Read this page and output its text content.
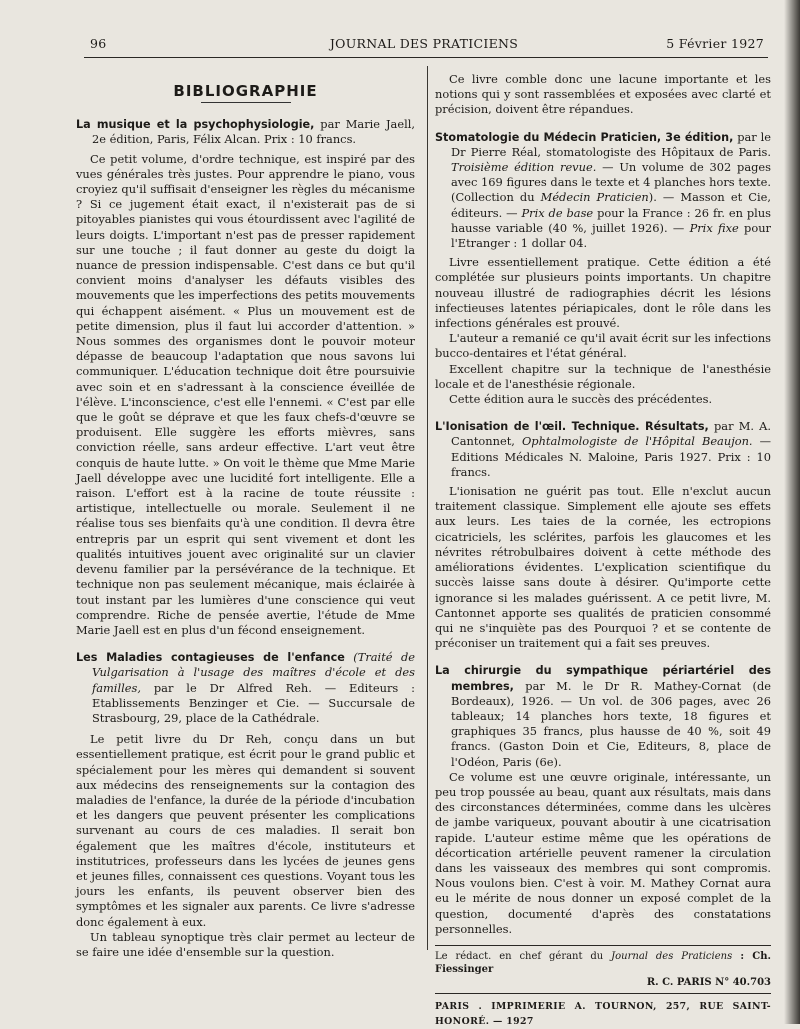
96	JOURNAL DES PRATICIENS	5 Février 1927
BIBLIOGRAPHIE

La musique et la psychophysiologie, par Marie Jaell, 2e édition, Paris, Félix Alcan. Prix : 10 francs.

Ce petit volume, d'ordre technique, est inspiré par des vues générales très justes. Pour apprendre le piano, vous croyiez qu'il suffisait d'enseigner les règles du mécanisme ? Si ce jugement était exact, il n'existerait pas de si pitoyables pianistes qui vous étourdissent avec l'agilité de leurs doigts. L'important n'est pas de presser rapidement sur une touche ; il faut donner au geste du doigt la nuance de pression indispensable. C'est dans ce but qu'il convient moins d'analyser les défauts visibles des mouvements que les imperfections des petits mouvements qui échappent aisément. « Plus un mouvement est de petite dimension, plus il faut lui accorder d'attention. » Nous sommes des organismes dont le pouvoir moteur dépasse de beaucoup l'adaptation que nous savons lui communiquer. L'éducation technique doit être poursuivie avec soin et en s'adressant à la conscience éveillée de l'élève. L'inconscience, c'est elle l'ennemi. « C'est par elle que le goût se déprave et que les faux chefs-d'œuvre se produisent. Elle suggère les efforts mièvres, sans conviction réelle, sans ardeur effective. L'art veut être conquis de haute lutte. » On voit le thème que Mme Marie Jaell développe avec une lucidité fort intelligente. Elle a raison. L'effort est à la racine de toute réussite : artistique, intellectuelle ou morale. Seulement il ne réalise tous ses bienfaits qu'à une condition. Il devra être entrepris par un esprit qui sent vivement et dont les qualités intuitives jouent avec originalité sur un clavier devenu familier par la persévérance de la technique. Et technique non pas seulement mécanique, mais éclairée à tout instant par les lumières d'une conscience qui veut comprendre. Riche de pensée avertie, l'étude de Mme Marie Jaell est en plus d'un fécond enseignement.

Les Maladies contagieuses de l'enfance (Traité de Vulgarisation à l'usage des maîtres d'école et des familles, par le Dr Alfred Reh. — Editeurs : Etablissements Benzinger et Cie. — Succursale de Strasbourg, 29, place de la Cathédrale.

Le petit livre du Dr Reh, conçu dans un but essentiellement pratique, est écrit pour le grand public et spécialement pour les mères qui demandent si souvent aux médecins des renseignements sur la contagion des maladies de l'enfance, la durée de la période d'incubation et les dangers que peuvent présenter les complications survenant au cours de ces maladies. Il serait bon également que les maîtres d'école, instituteurs et institutrices, professeurs dans les lycées de jeunes gens et jeunes filles, connaissent ces questions. Voyant tous les jours les enfants, ils peuvent observer bien des symptômes et les signaler aux parents. Ce livre s'adresse donc également à eux.

Un tableau synoptique très clair permet au lecteur de se faire une idée d'ensemble sur la question.

Ce livre comble donc une lacune importante et les notions qui y sont rassemblées et exposées avec clarté et précision, doivent être répandues.

Stomatologie du Médecin Praticien, 3e édition, par le Dr Pierre Réal, stomatologiste des Hôpitaux de Paris. Troisième édition revue. — Un volume de 302 pages avec 169 figures dans le texte et 4 planches hors texte. (Collection du Médecin Praticien). — Masson et Cie, éditeurs. — Prix de base pour la France : 26 fr. en plus hausse variable (40 %, juillet 1926). — Prix fixe pour l'Etranger : 1 dollar 04.

Livre essentiellement pratique. Cette édition a été complétée sur plusieurs points importants. Un chapitre nouveau illustré de radiographies décrit les lésions infectieuses latentes périapicales, dont le rôle dans les infections générales est prouvé.

L'auteur a remanié ce qu'il avait écrit sur les infections bucco-dentaires et l'état général.

Excellent chapitre sur la technique de l'anesthésie locale et de l'anesthésie régionale.

Cette édition aura le succès des précédentes.

L'Ionisation de l'œil. Technique. Résultats, par M. A. Cantonnet, Ophtalmologiste de l'Hôpital Beaujon. — Editions Médicales N. Maloine, Paris 1927. Prix : 10 francs.

L'ionisation ne guérit pas tout. Elle n'exclut aucun traitement classique. Simplement elle ajoute ses effets aux leurs. Les taies de la cornée, les ectropions cicatriciels, les sclérites, parfois les glaucomes et les névrites rétrobulbaires doivent à cette méthode des améliorations évidentes. L'explication scientifique du succès laisse sans doute à désirer. Qu'importe cette ignorance si les malades guérissent. A ce petit livre, M. Cantonnet apporte ses qualités de praticien consommé qui ne s'inquiète pas des Pourquoi ? et se contente de préconiser un traitement qui a fait ses preuves.

La chirurgie du sympathique périartériel des membres, par M. le Dr R. Mathey-Cornat (de Bordeaux), 1926. — Un vol. de 306 pages, avec 26 tableaux; 14 planches hors texte, 18 figures et graphiques 35 francs, plus hausse de 40 %, soit 49 francs. (Gaston Doin et Cie, Editeurs, 8, place de l'Odéon, Paris (6e).

Ce volume est une œuvre originale, intéressante, un peu trop poussée au beau, quant aux résultats, mais dans des circonstances déterminées, comme dans les ulcères de jambe variqueux, pouvant aboutir à une cicatrisation rapide. L'auteur estime même que les opérations de décortication artérielle peuvent ramener la circulation dans les vaisseaux des membres qui sont compromis. Nous voulons bien. C'est à voir. M. Mathey Cornat aura eu le mérite de nous donner un exposé complet de la question, documenté d'après des constatations personnelles.

Le rédact. en chef gérant du Journal des Praticiens : Ch. Fiessinger
R. C. PARIS N° 40.703
PARIS . IMPRIMERIE A. TOURNON, 257, RUE SAINT-HONORÉ. — 1927
